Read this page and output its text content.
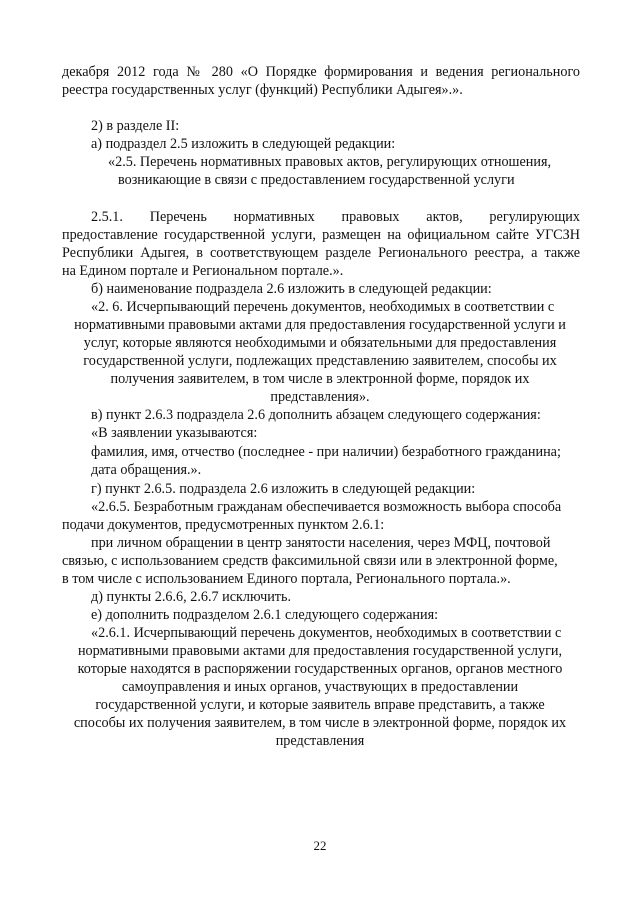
декабря 2012 года № 280 «О Порядке формирования и ведения регионального
реестра государственных услуг (функций) Республики Адыгея».».
2) в разделе II:
а) подраздел 2.5 изложить в следующей редакции:
«2.5. Перечень нормативных правовых актов, регулирующих отношения,
возникающие в связи с предоставлением государственной услуги
2.5.1. Перечень нормативных правовых актов, регулирующих
предоставление государственной услуги, размещен на официальном сайте УГСЗН
Республики Адыгея, в соответствующем разделе Регионального реестра, а также
на Едином портале и Региональном портале.».
б) наименование подраздела 2.6 изложить в следующей редакции:
«2. 6. Исчерпывающий перечень документов, необходимых в соответствии с
нормативными правовыми актами для предоставления государственной услуги и
услуг, которые являются необходимыми и обязательными для предоставления
государственной услуги, подлежащих представлению заявителем, способы их
получения заявителем, в том числе в электронной форме, порядок их
представления».
в) пункт 2.6.3 подраздела 2.6 дополнить абзацем следующего содержания:
«В заявлении указываются:
фамилия, имя, отчество (последнее - при наличии) безработного гражданина;
дата обращения.».
г) пункт 2.6.5. подраздела 2.6 изложить в следующей редакции:
«2.6.5. Безработным гражданам обеспечивается возможность выбора способа
подачи документов, предусмотренных пунктом 2.6.1:
при личном обращении в центр занятости населения, через МФЦ, почтовой
связью, с использованием средств факсимильной связи или в электронной форме,
в том числе с использованием Единого портала, Регионального портала.».
д) пункты 2.6.6, 2.6.7 исключить.
е) дополнить подразделом 2.6.1 следующего содержания:
«2.6.1. Исчерпывающий перечень документов, необходимых в соответствии с
нормативными правовыми актами для предоставления государственной услуги,
которые находятся в распоряжении государственных органов, органов местного
самоуправления и иных органов, участвующих в предоставлении
государственной услуги, и которые заявитель вправе представить, а также
способы их получения заявителем, в том числе в электронной форме, порядок их
представления
22
